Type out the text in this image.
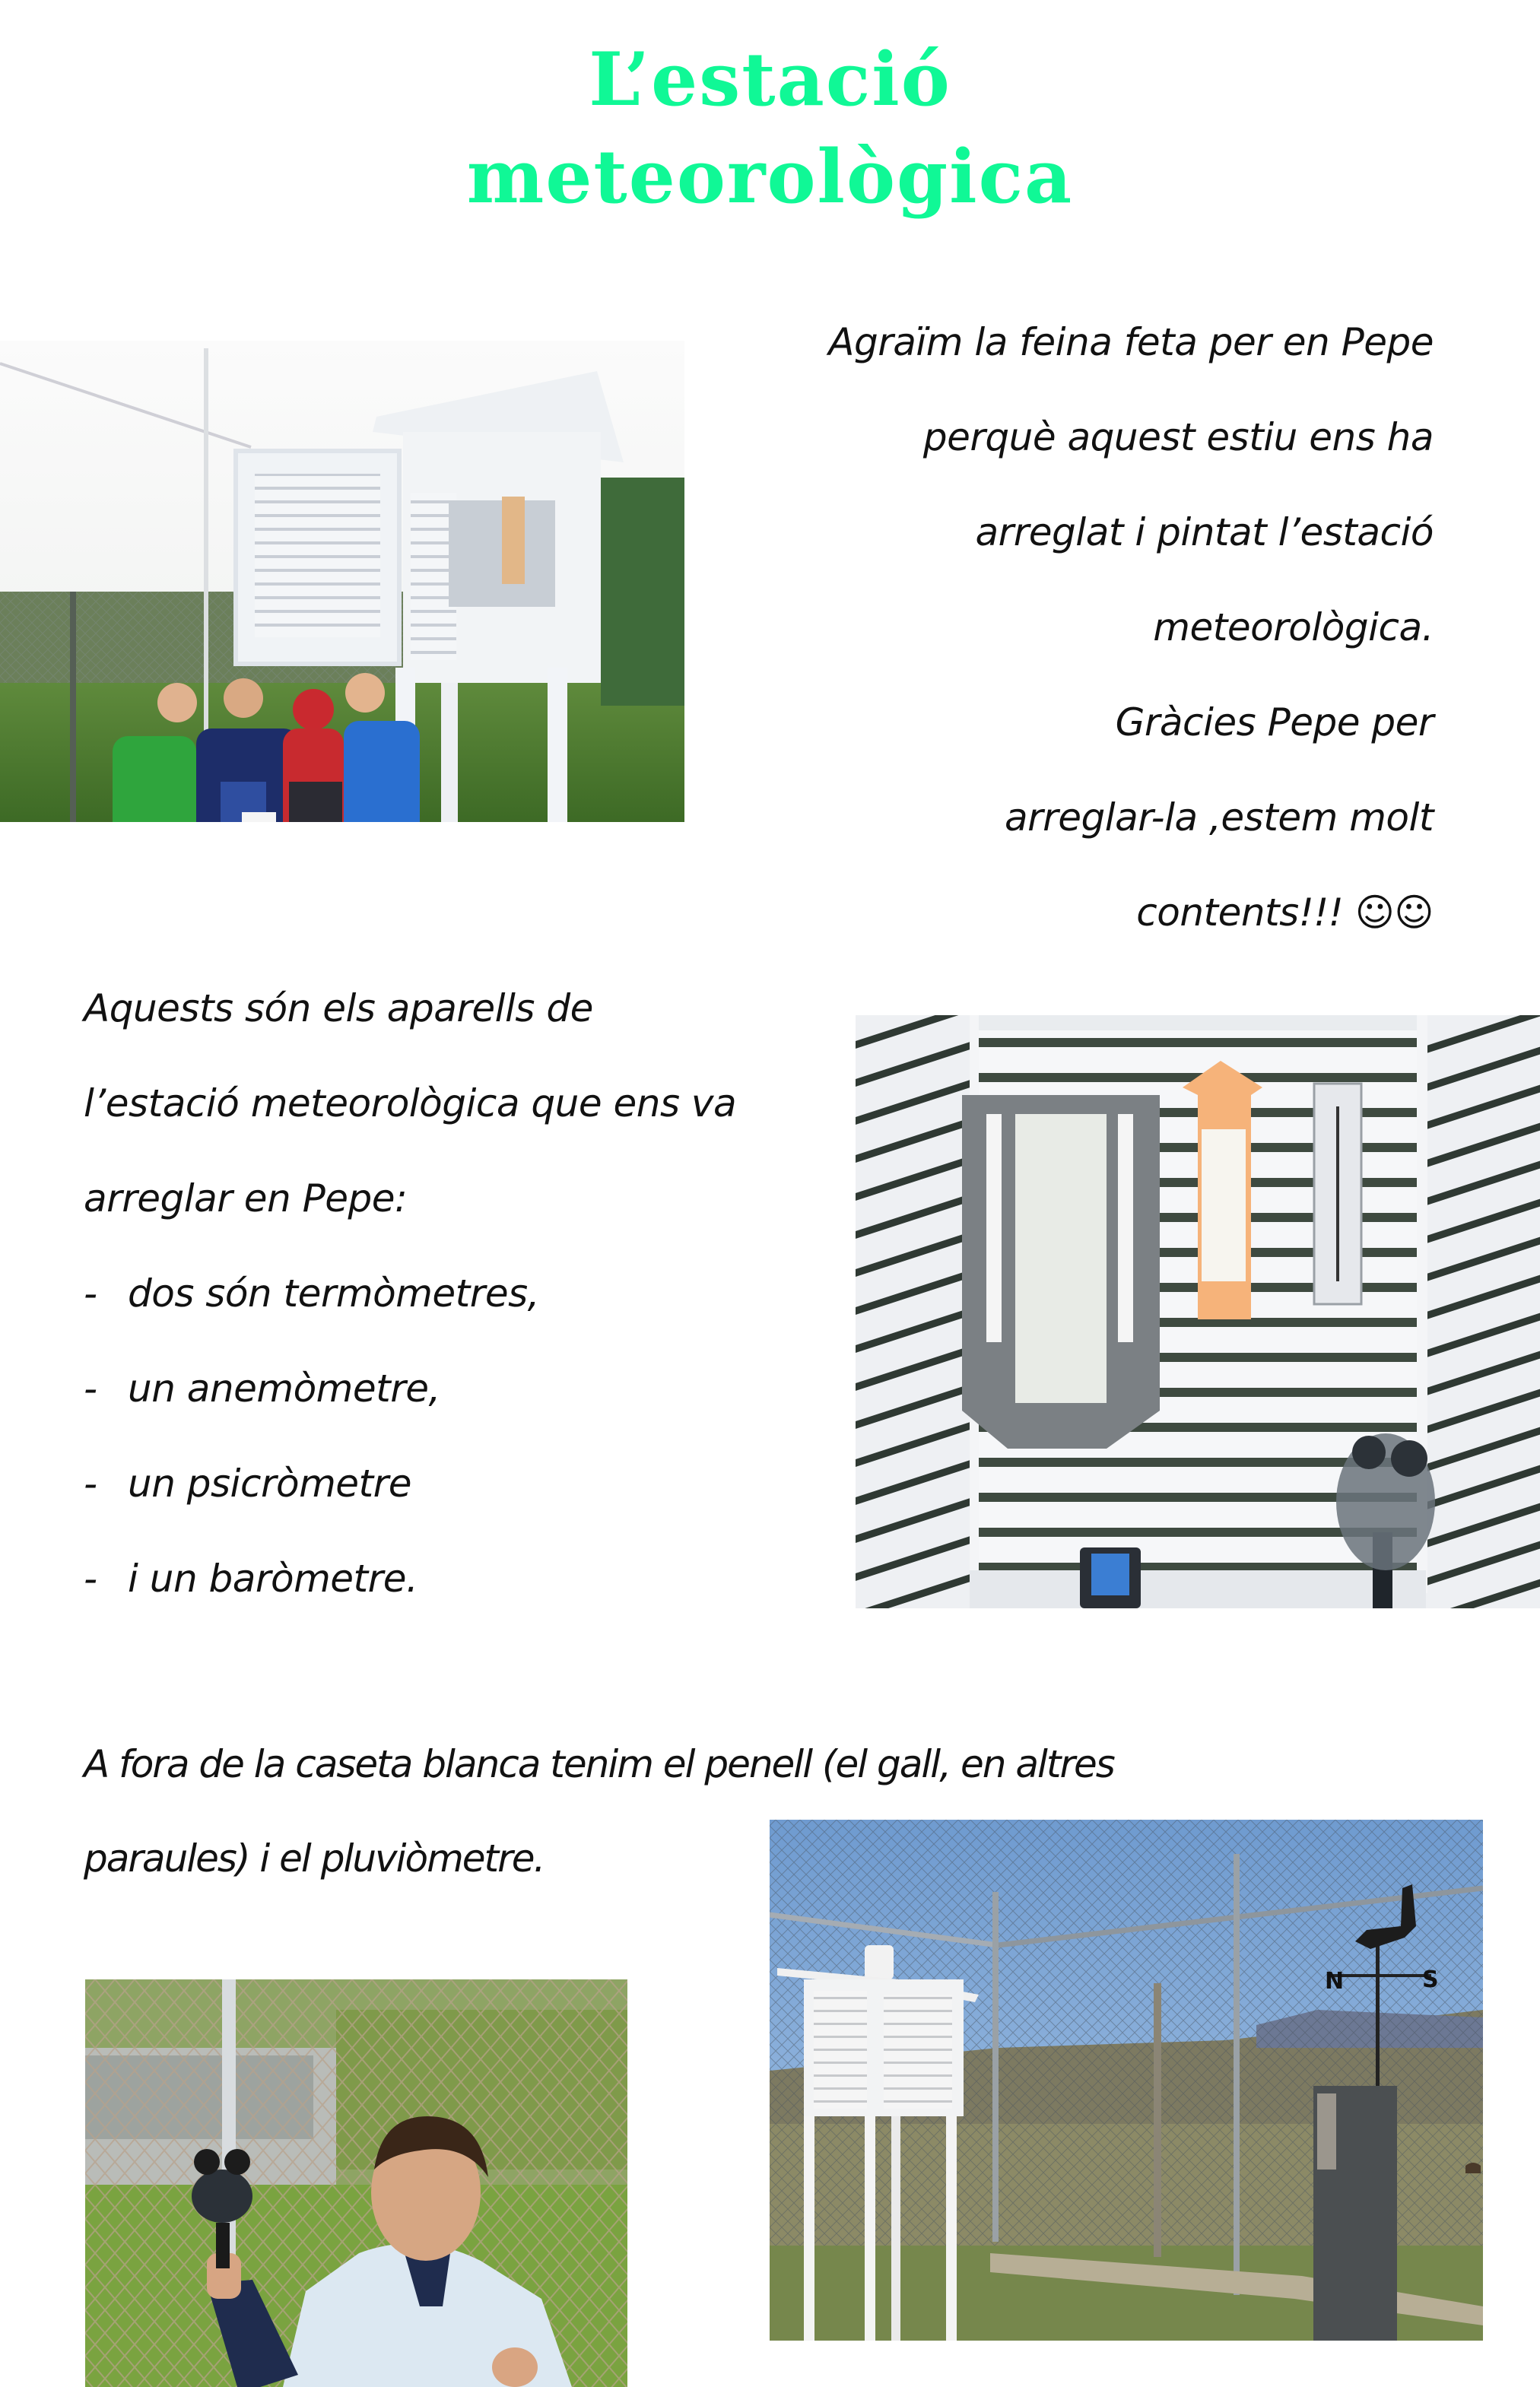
L’estació
meteorològica
Agraïm la feina feta per en Pepe
perquè aquest estiu ens ha
arreglat i pintat l’estació
meteorològica.
Gràcies Pepe per
arreglar-la ,estem molt
contents!!! ☺☺
Aquests són els aparells de
l’estació meteorològica que ens va
arreglar en Pepe:
- dos són termòmetres,
- un anemòmetre,
- un psicròmetre
- i un baròmetre.
A fora de la caseta blanca tenim el penell (el gall, en altres
paraules) i el pluviòmetre.
N	S
